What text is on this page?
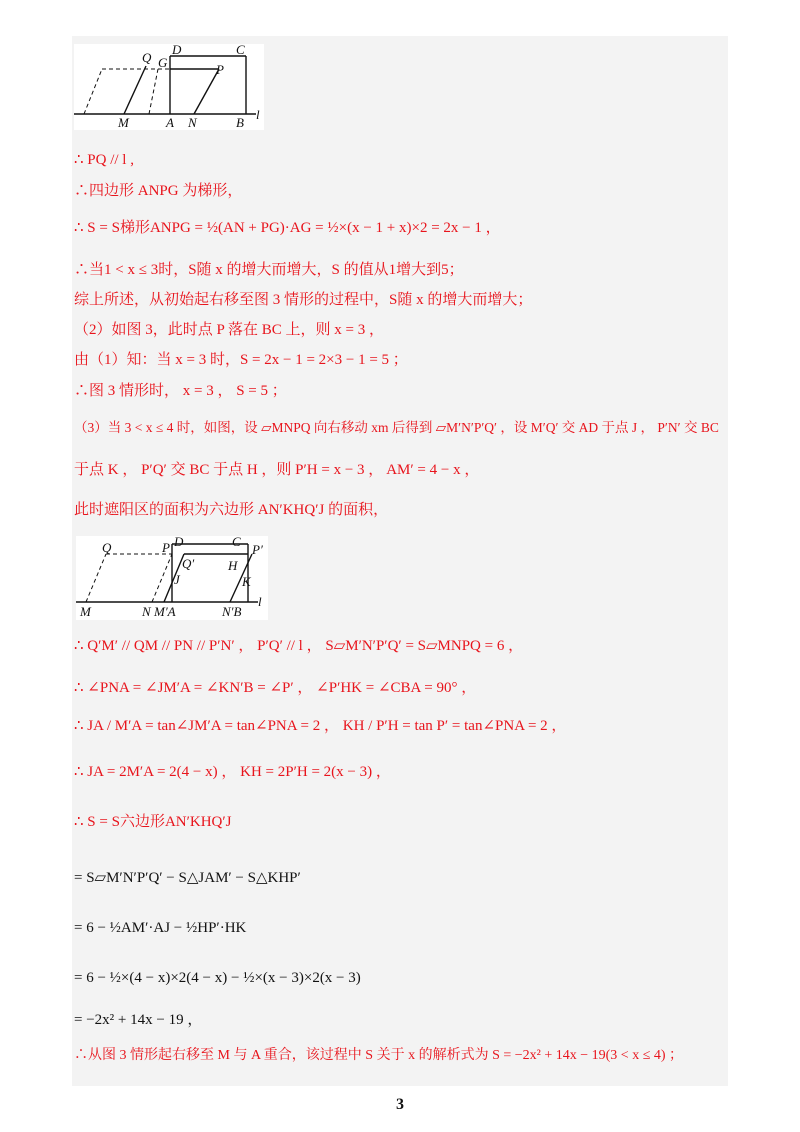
Q
D	C
G	P
l
M	A N	B
∴ PQ // l ,
∴四边形 ANPG 为梯形，
∴ S = S梯形ANPG = ½(AN + PG)·AG = ½×(x − 1 + x)×2 = 2x − 1 ，
∴当1 < x ≤ 3时，S随 x 的增大而增大，S 的值从1增大到5；
综上所述，从初始起右移至图 3 情形的过程中，S随 x 的增大而增大；
（2）如图 3，此时点 P 落在 BC 上，则 x = 3 ，
由（1）知：当 x = 3 时，S = 2x − 1 = 2×3 − 1 = 5 ；
∴图 3 情形时， x = 3 ， S = 5 ；
（3）当 3 < x ≤ 4 时，如图，设 ▱MNPQ 向右移动 xm 后得到 ▱M′N′P′Q′ ，设 M′Q′ 交 AD 于点 J ， P′N′ 交 BC
于点 K ， P′Q′ 交 BC 于点 H ，则 P′H = x − 3 ， AM′ = 4 − x ，
此时遮阳区的面积为六边形 AN′KHQ′J 的面积，
Q	P D	C
P′
Q′	H
J	K
l
M	N M′A	N′B
∴ Q′M′ // QM // PN // P′N′ ， P′Q′ // l ， S▱M′N′P′Q′ = S▱MNPQ = 6 ，
∴ ∠PNA = ∠JM′A = ∠KN′B = ∠P′ ， ∠P′HK = ∠CBA = 90° ，
∴ JA / M′A = tan∠JM′A = tan∠PNA = 2 ， KH / P′H = tan P′ = tan∠PNA = 2 ，
∴ JA = 2M′A = 2(4 − x) ， KH = 2P′H = 2(x − 3) ，
∴ S = S六边形AN′KHQ′J
= S▱M′N′P′Q′ − S△JAM′ − S△KHP′
= 6 − ½AM′·AJ − ½HP′·HK
= 6 − ½×(4 − x)×2(4 − x) − ½×(x − 3)×2(x − 3)
= −2x² + 14x − 19 ，
∴从图 3 情形起右移至 M 与 A 重合，该过程中 S 关于 x 的解析式为 S = −2x² + 14x − 19(3 < x ≤ 4) ；
3
